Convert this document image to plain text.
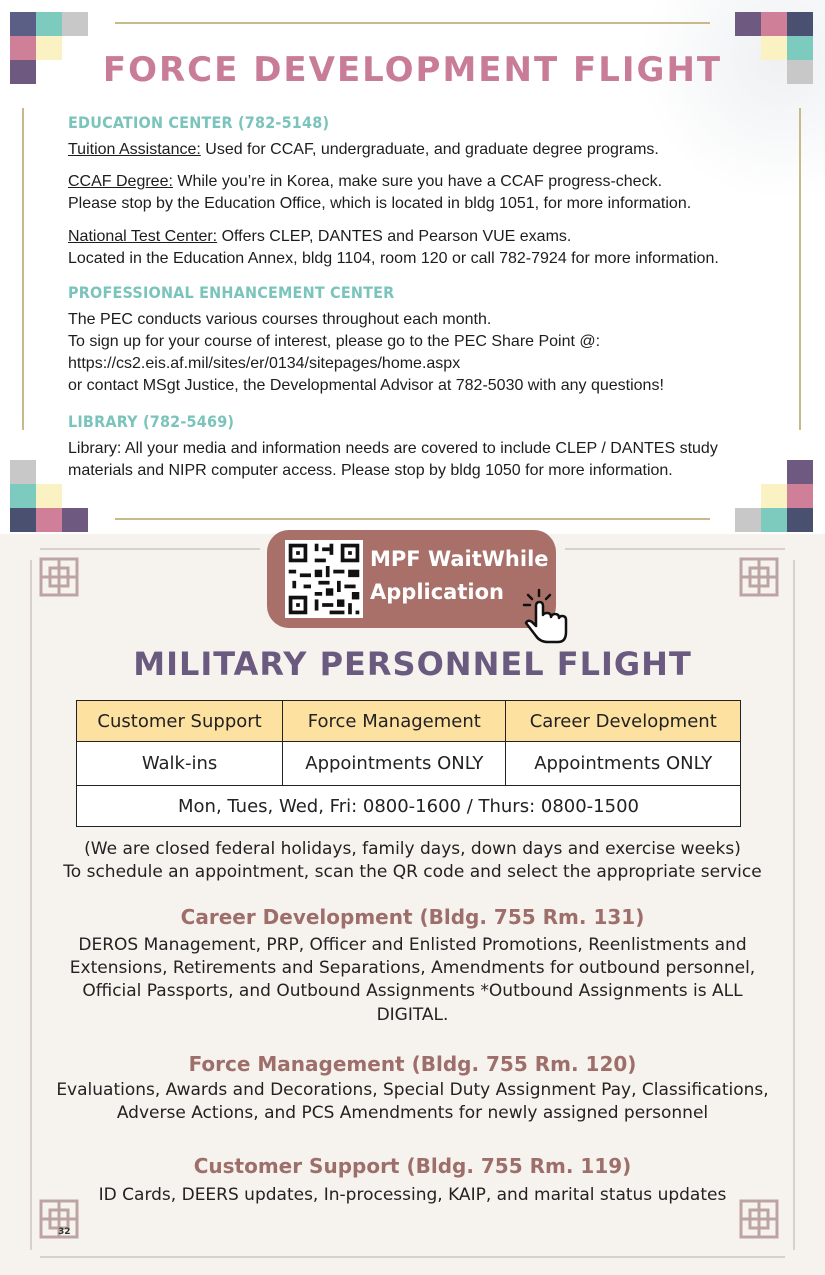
FORCE DEVELOPMENT FLIGHT
EDUCATION CENTER (782-5148)
Tuition Assistance: Used for CCAF, undergraduate, and graduate degree programs.
CCAF Degree: While you’re in Korea, make sure you have a CCAF progress-check.
Please stop by the Education Office, which is located in bldg 1051, for more information.
National Test Center: Offers CLEP, DANTES and Pearson VUE exams.
Located in the Education Annex, bldg 1104, room 120 or call 782-7924 for more information.
PROFESSIONAL ENHANCEMENT CENTER
The PEC conducts various courses throughout each month.
To sign up for your course of interest, please go to the PEC Share Point @:
https://cs2.eis.af.mil/sites/er/0134/sitepages/home.aspx
or contact MSgt Justice, the Developmental Advisor at 782-5030 with any questions!
LIBRARY (782-5469)
Library: All your media and information needs are covered to include CLEP / DANTES study
materials and NIPR computer access. Please stop by bldg 1050 for more information.
MPF WaitWhile
Application
MILITARY PERSONNEL FLIGHT
Customer Support	Force Management	Career Development
Walk-ins	Appointments ONLY	Appointments ONLY
Mon, Tues, Wed, Fri: 0800-1600 / Thurs: 0800-1500		
(We are closed federal holidays, family days, down days and exercise weeks)
To schedule an appointment, scan the QR code and select the appropriate service
Career Development (Bldg. 755 Rm. 131)
DEROS Management, PRP, Officer and Enlisted Promotions, Reenlistments and
Extensions, Retirements and Separations, Amendments for outbound personnel,
Official Passports, and Outbound Assignments *Outbound Assignments is ALL
DIGITAL.
Force Management (Bldg. 755 Rm. 120)
Evaluations, Awards and Decorations, Special Duty Assignment Pay, Classifications,
Adverse Actions, and PCS Amendments for newly assigned personnel
Customer Support (Bldg. 755 Rm. 119)
ID Cards, DEERS updates, In-processing, KAIP, and marital status updates
32
